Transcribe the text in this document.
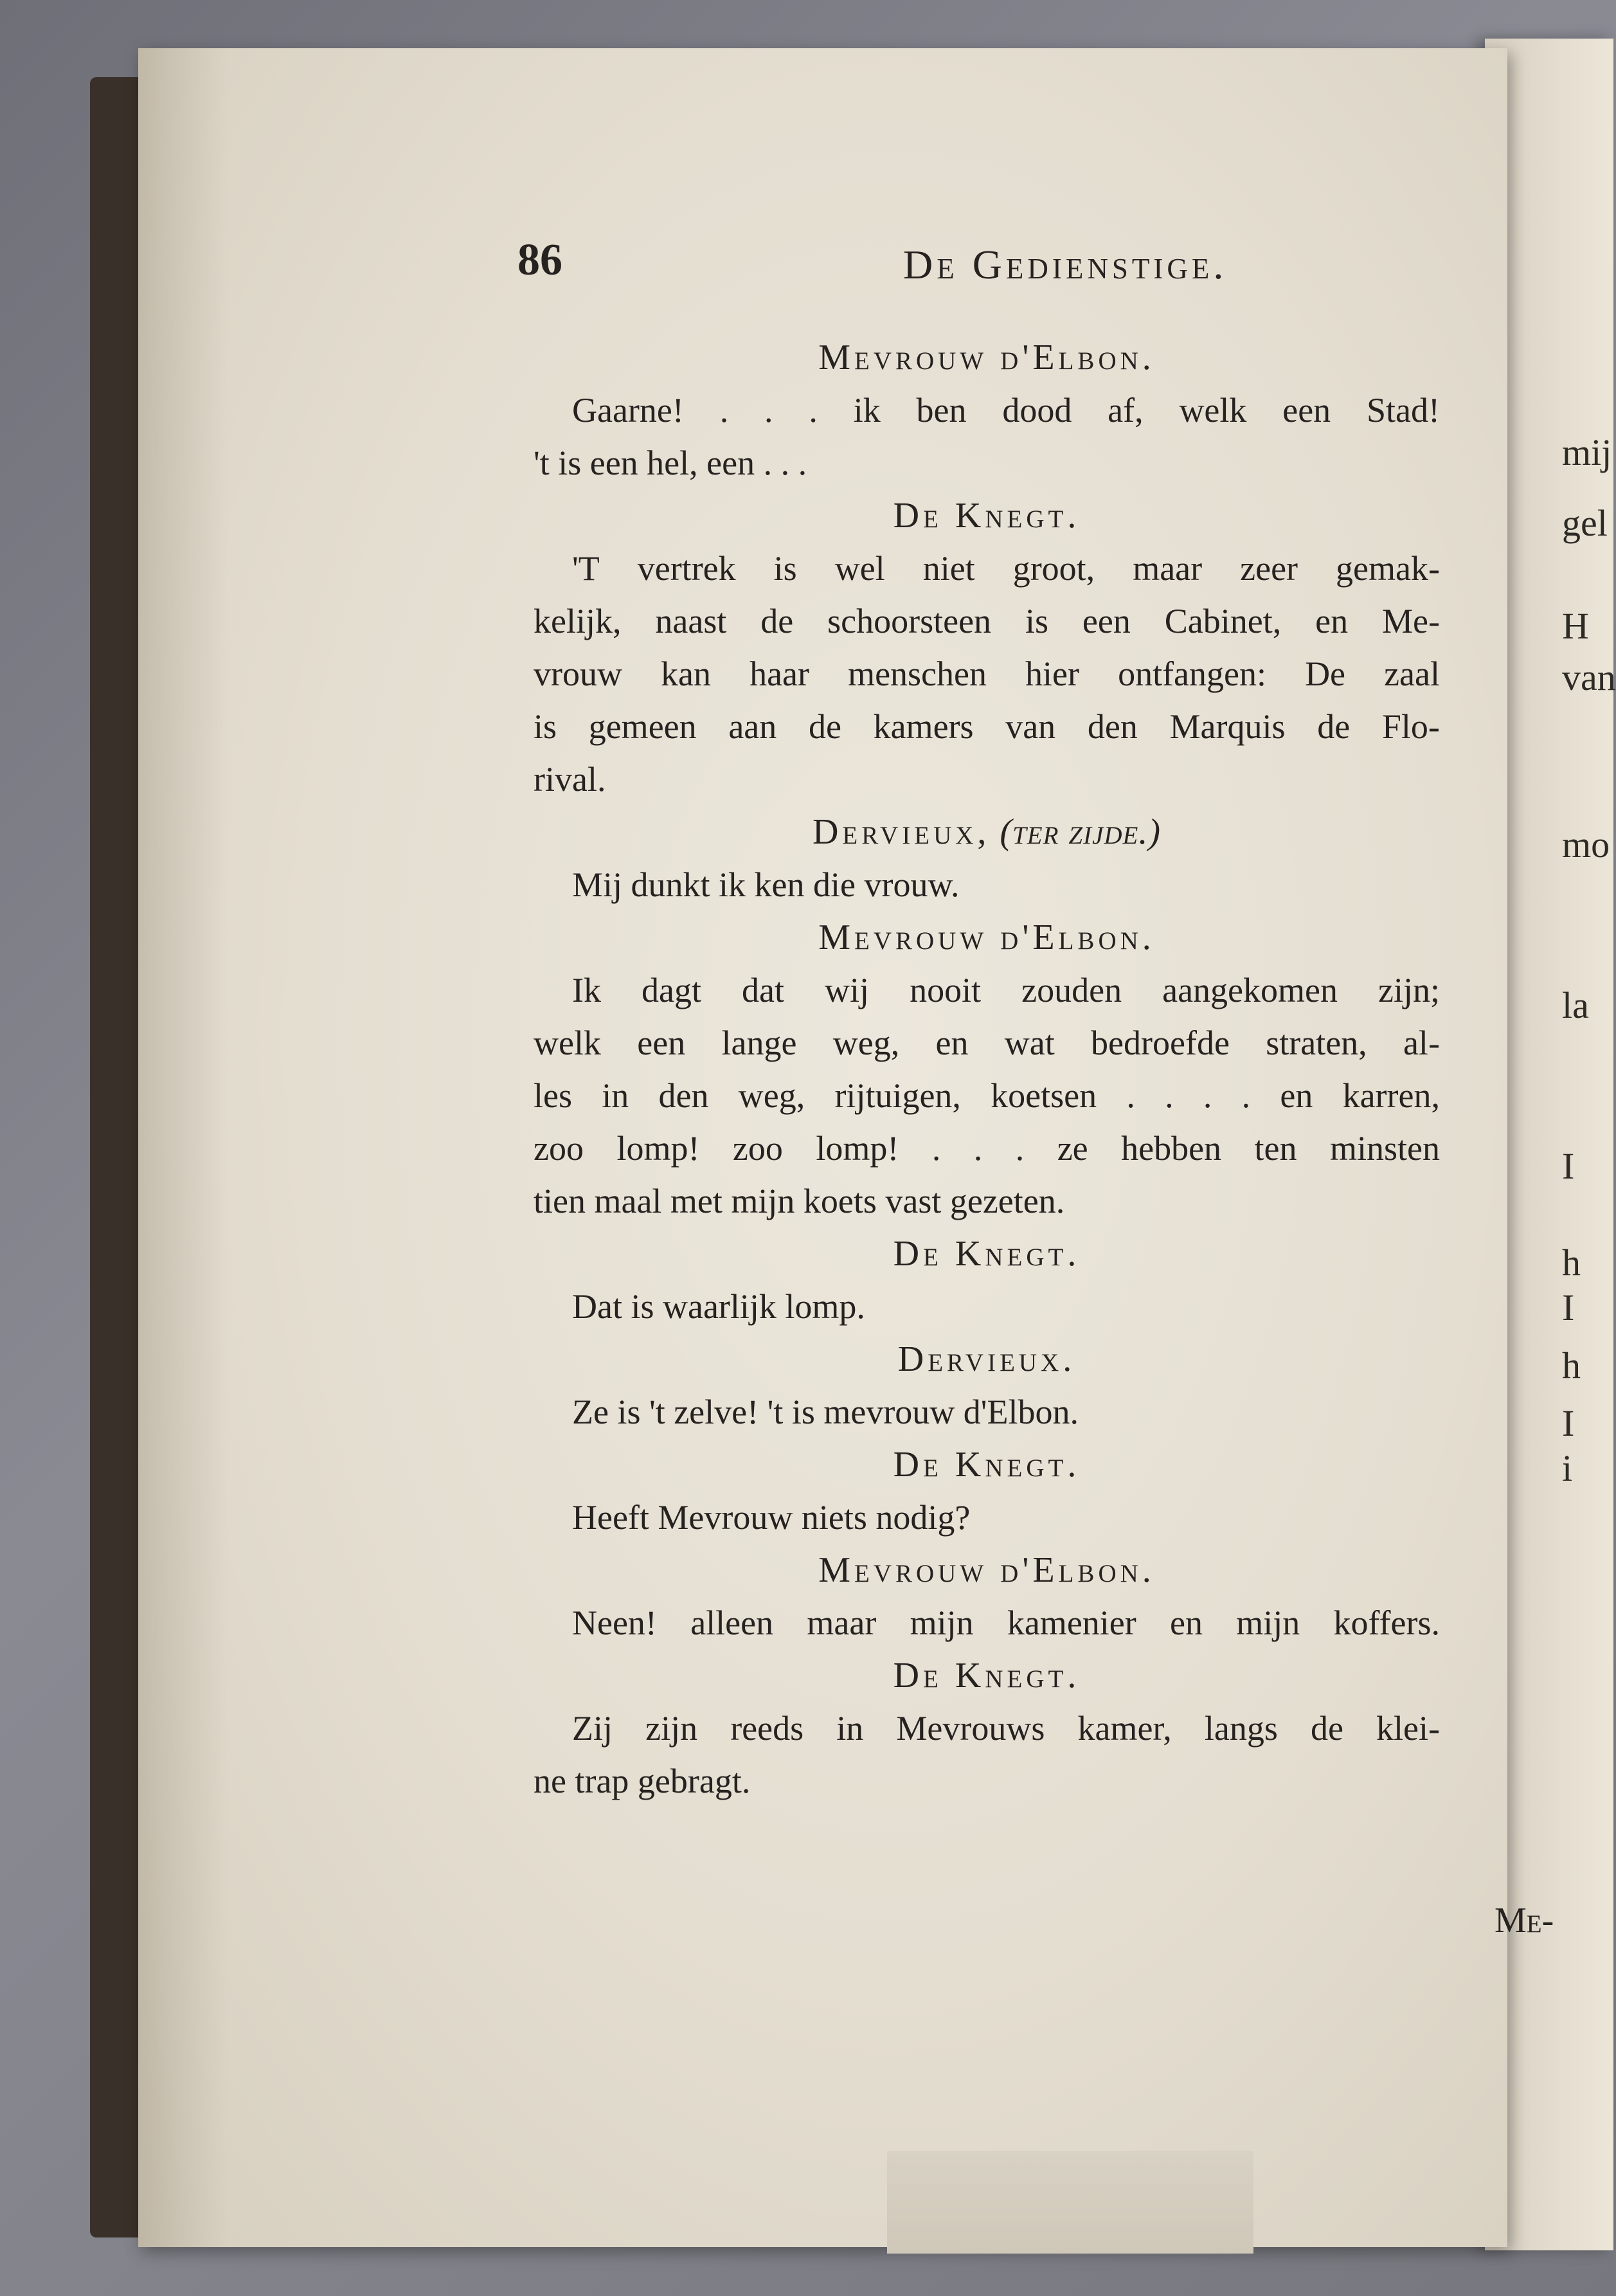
mij
gel
H
van
mo
la
I
h
I
h
I
i
86	De Gedienstige.
Mevrouw d'Elbon.
Gaarne! . . . ik ben dood af, welk een Stad!
't is een hel, een . . .
De Knegt.
'T vertrek is wel niet groot, maar zeer gemak-
kelijk, naast de schoorsteen is een Cabinet, en Me-
vrouw kan haar menschen hier ontfangen: De zaal
is gemeen aan de kamers van den Marquis de Flo-
rival.
Dervieux, (ter zijde.)
Mij dunkt ik ken die vrouw.
Mevrouw d'Elbon.
Ik dagt dat wij nooit zouden aangekomen zijn;
welk een lange weg, en wat bedroefde straten, al-
les in den weg, rijtuigen, koetsen . . . . en karren,
zoo lomp! zoo lomp! . . . ze hebben ten minsten
tien maal met mijn koets vast gezeten.
De Knegt.
Dat is waarlijk lomp.
Dervieux.
Ze is 't zelve! 't is mevrouw d'Elbon.
De Knegt.
Heeft Mevrouw niets nodig?
Mevrouw d'Elbon.
Neen! alleen maar mijn kamenier en mijn koffers.
De Knegt.
Zij zijn reeds in Mevrouws kamer, langs de klei-
ne trap gebragt.
Me-
